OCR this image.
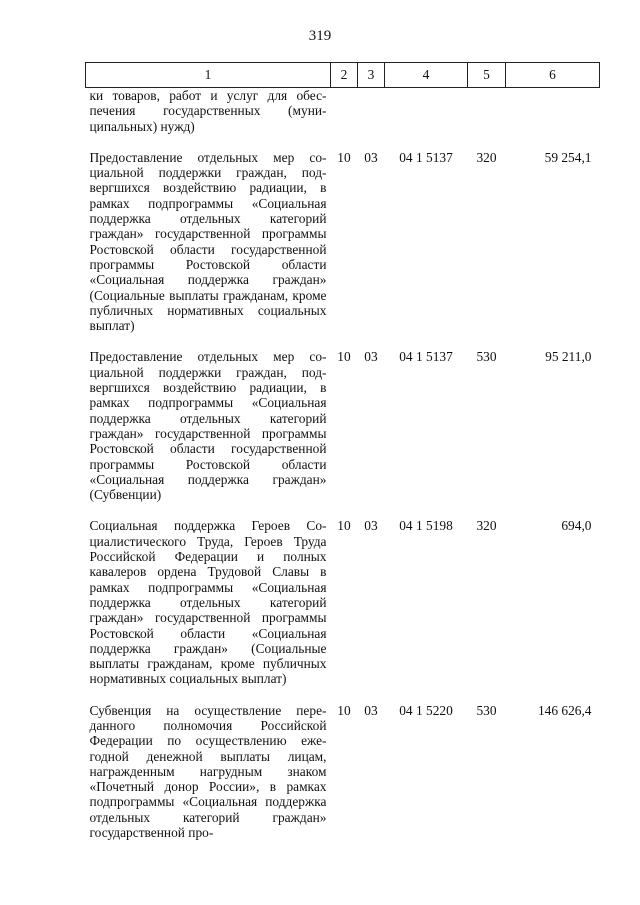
319
1	2	3	4	5	6
ки товаров, работ и услуг для обеспечения государственных (муниципальных) нужд)					
Предоставление отдельных мер социальной поддержки граждан, подвергшихся воздействию радиации, в рамках подпрограммы «Социальная поддержка отдельных категорий граждан» государственной программы Ростовской области государственной программы Ростовской области «Социальная поддержка граждан» (Социальные выплаты гражданам, кроме публичных нормативных социальных выплат)	10	03	04 1 5137	320	59 254,1
Предоставление отдельных мер социальной поддержки граждан, подвергшихся воздействию радиации, в рамках подпрограммы «Социальная поддержка отдельных категорий граждан» государственной программы Ростовской области государственной программы Ростовской области «Социальная поддержка граждан» (Субвенции)	10	03	04 1 5137	530	95 211,0
Социальная поддержка Героев Социалистического Труда, Героев Труда Российской Федерации и полных кавалеров ордена Трудовой Славы в рамках подпрограммы «Социальная поддержка отдельных категорий граждан» государственной программы Ростовской области «Социальная поддержка граждан» (Социальные выплаты гражданам, кроме публичных нормативных социальных выплат)	10	03	04 1 5198	320	694,0
Субвенция на осуществление переданного полномочия Российской Федерации по осуществлению ежегодной денежной выплаты лицам, награжденным нагрудным знаком «Почетный донор России», в рамках подпрограммы «Социальная поддержка отдельных категорий граждан» государственной про-	10	03	04 1 5220	530	146 626,4
